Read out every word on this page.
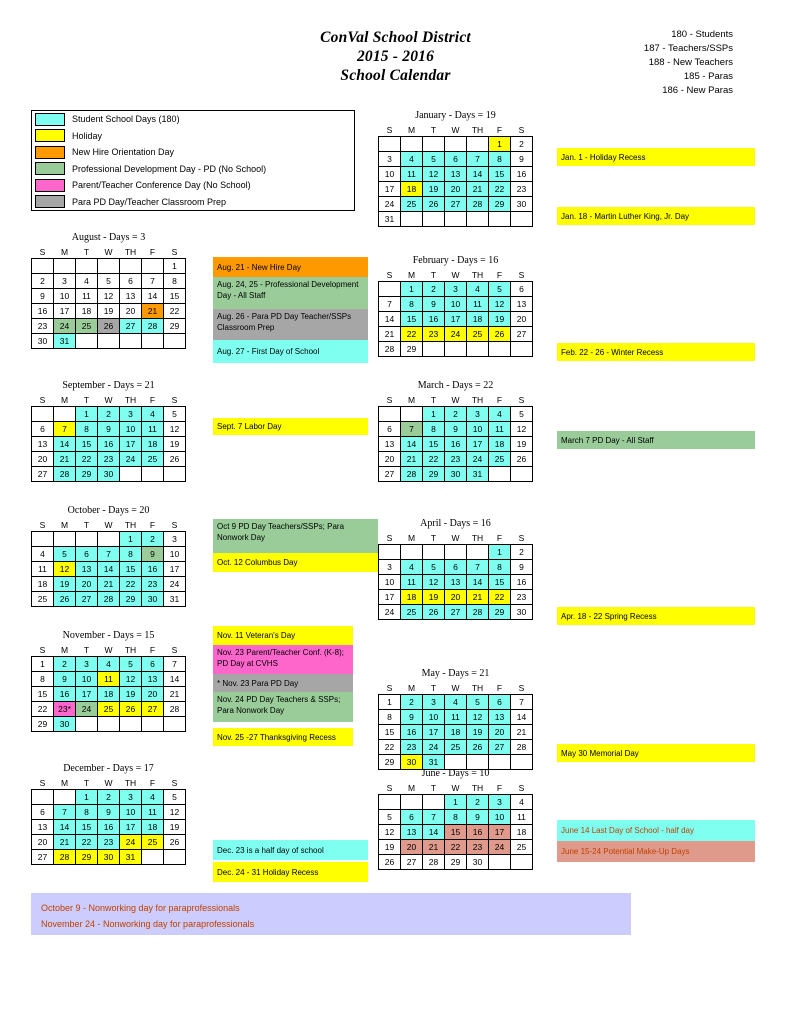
ConVal School District
2015 - 2016
School Calendar
180 - Students
187 - Teachers/SSPs
188 - New Teachers
185 - Paras
186 - New Paras
Student School Days (180)
Holiday
New Hire Orientation Day
Professional Development Day - PD (No School)
Parent/Teacher Conference Day (No School)
Para PD Day/Teacher Classroom Prep
August - Days = 3
S	M	T	W	TH	F	S
						1
2	3	4	5	6	7	8
9	10	11	12	13	14	15
16	17	18	19	20	21	22
23	24	25	26	27	28	29
30	31					
September - Days = 21
S	M	T	W	TH	F	S
		1	2	3	4	5
6	7	8	9	10	11	12
13	14	15	16	17	18	19
20	21	22	23	24	25	26
27	28	29	30			
October - Days = 20
S	M	T	W	TH	F	S
				1	2	3
4	5	6	7	8	9	10
11	12	13	14	15	16	17
18	19	20	21	22	23	24
25	26	27	28	29	30	31
November - Days = 15
S	M	T	W	TH	F	S
1	2	3	4	5	6	7
8	9	10	11	12	13	14
15	16	17	18	19	20	21
22	23*	24	25	26	27	28
29	30					
December - Days = 17
S	M	T	W	TH	F	S
		1	2	3	4	5
6	7	8	9	10	11	12
13	14	15	16	17	18	19
20	21	22	23	24	25	26
27	28	29	30	31		
January - Days = 19
S	M	T	W	TH	F	S
					1	2
3	4	5	6	7	8	9
10	11	12	13	14	15	16
17	18	19	20	21	22	23
24	25	26	27	28	29	30
31						
February - Days = 16
S	M	T	W	TH	F	S
	1	2	3	4	5	6
7	8	9	10	11	12	13
14	15	16	17	18	19	20
21	22	23	24	25	26	27
28	29					
March - Days = 22
S	M	T	W	TH	F	S
		1	2	3	4	5
6	7	8	9	10	11	12
13	14	15	16	17	18	19
20	21	22	23	24	25	26
27	28	29	30	31		
April - Days = 16
S	M	T	W	TH	F	S
					1	2
3	4	5	6	7	8	9
10	11	12	13	14	15	16
17	18	19	20	21	22	23
24	25	26	27	28	29	30
May - Days = 21
S	M	T	W	TH	F	S
1	2	3	4	5	6	7
8	9	10	11	12	13	14
15	16	17	18	19	20	21
22	23	24	25	26	27	28
29	30	31				
June - Days = 10
S	M	T	W	TH	F	S
			1	2	3	4
5	6	7	8	9	10	11
12	13	14	15	16	17	18
19	20	21	22	23	24	25
26	27	28	29	30		
Aug. 21 - New Hire Day
Aug. 24, 25 - Professional Development Day - All Staff
Aug. 26 - Para PD Day Teacher/SSPs Classroom Prep
Aug. 27 - First Day of School
Sept. 7 Labor Day
Oct 9 PD Day Teachers/SSPs; Para Nonwork Day
Oct. 12 Columbus Day
Nov. 11 Veteran's Day
Nov. 23 Parent/Teacher Conf. (K-8); PD Day at CVHS
* Nov. 23 Para PD Day
Nov. 24 PD Day Teachers & SSPs; Para Nonwork Day
Nov. 25 -27 Thanksgiving Recess
Dec. 23 is a half day of school
Dec. 24 - 31 Holiday Recess
Jan. 1 - Holiday Recess
Jan. 18 - Martin Luther King, Jr. Day
Feb. 22 - 26 - Winter Recess
March 7 PD Day - All Staff
Apr. 18 - 22 Spring Recess
May 30 Memorial Day
June 14 Last Day of School - half day
June 15-24 Potential Make-Up Days
October 9 - Nonworking day for paraprofessionals
November 24 - Nonworking day for paraprofessionals
